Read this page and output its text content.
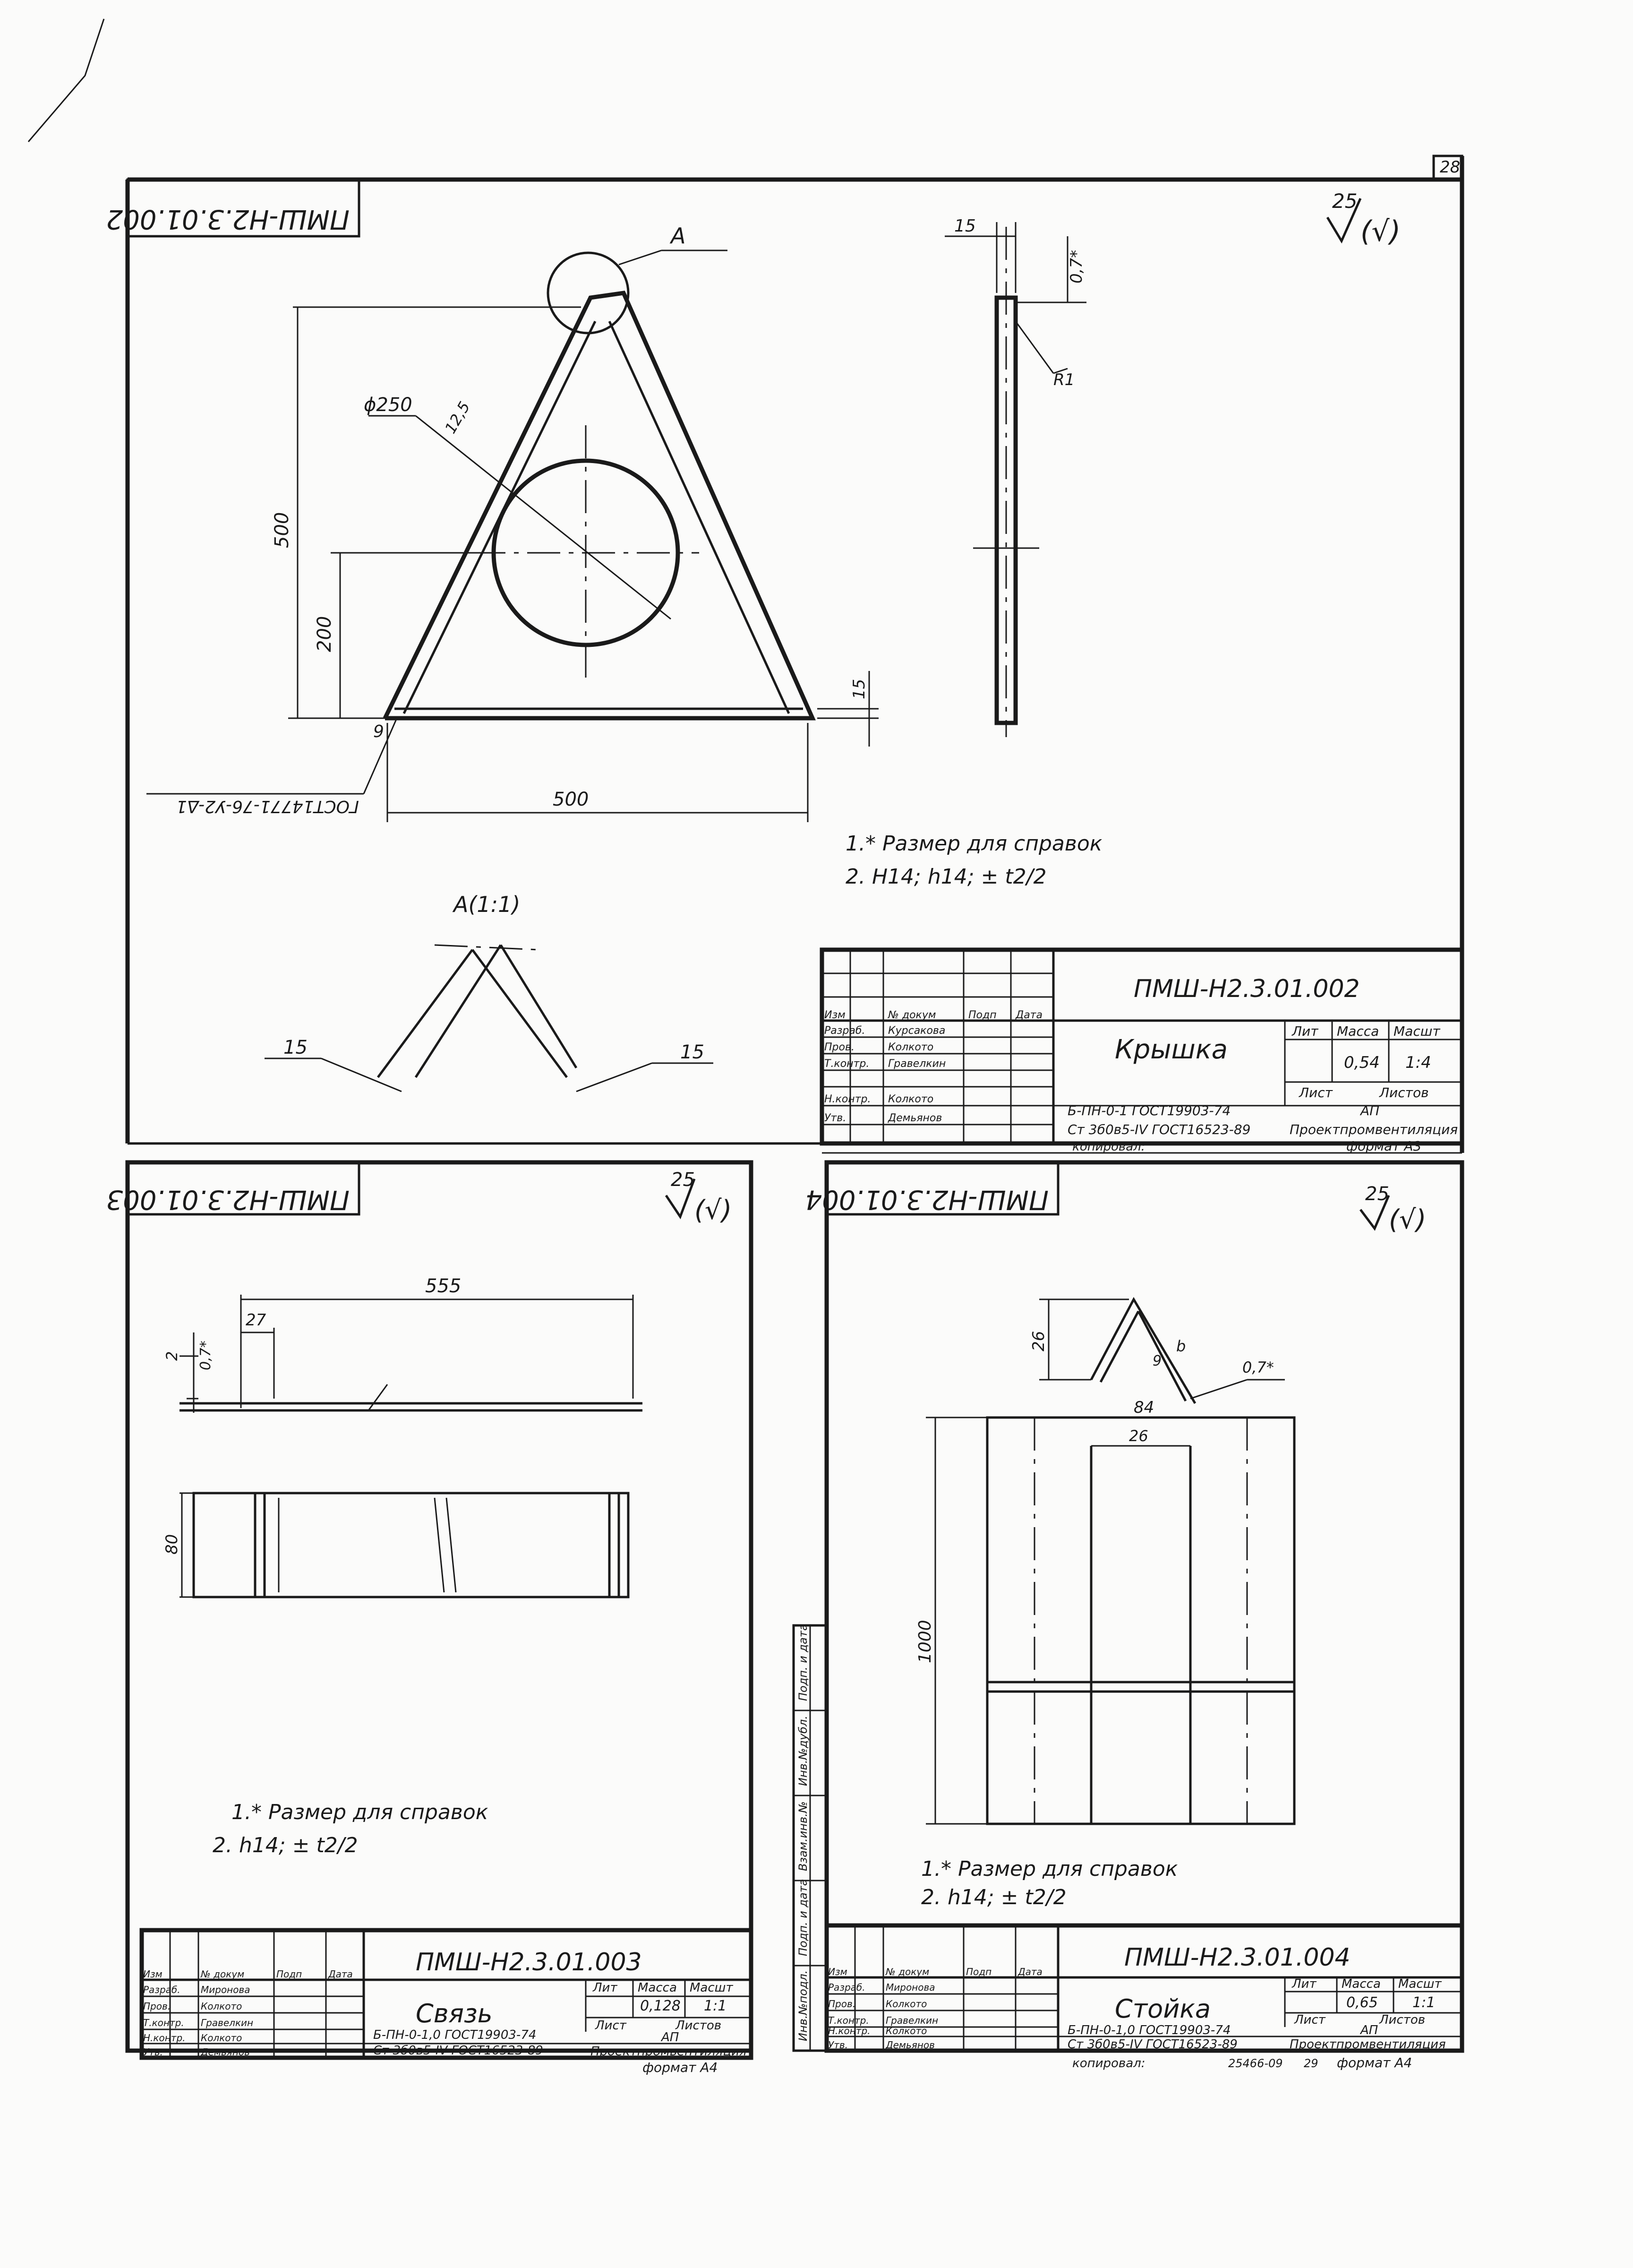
28
ПМШ-Н2.3.01.002
25
(√)
ϕ250 12,5
А
500
200
500
15
9
ГОСТ14771-76-У2-Δ1
15
0,7*
R1
1.* Размер для справок
2. Н14; h14; ± t2/2
А(1:1)
15	15
ПМШ-Н2.3.01.002
Крышка
Лит Масса Масшт
0,54 1:4
Лист	Листов
АП
Б-ПН-0-1 ГОСТ19903-74
Ст 3б0в5-IV ГОСТ16523-89	Проектпромвентиляция
Изм	№ докум	Подп Дата
Разраб. Курсакова
Пров.	Колкото
Т.контр. Гравелкин
Н.контр. Колкото
Утв.	Демьянов
копировал:	формат А3
ПМШ-Н2.3.01.003
25
(√)
555
27
2 0,7*
80
1.* Размер для справок
2. h14; ± t2/2
ПМШ-Н2.3.01.003
Связь
Лит Масса Масшт
0,128 1:1
Лист	Листов
АП
Б-ПН-0-1,0 ГОСТ19903-74
Ст 3б0в5-IV ГОСТ16523-89	Проектпромвентиляция
Изм	№ докум	Подп	Дата
Разраб. Миронова
Пров.	Колкото
Т.контр. Гравелкин
Н.контр. Колкото
Утв.	Демьянов
формат А4
ПМШ-Н2.3.01.004	25
(√)
Инв.№подл.
Подп. и дата
Взам.инв.№
Инв.№дубл.
Подп. и дата
26
9
b
0,7*
84
26
1000
1.* Размер для справок
2. h14; ± t2/2
ПМШ-Н2.3.01.004
Стойка
Лит Масса Масшт
0,65 1:1
Лист	Листов
АП
Б-ПН-0-1,0 ГОСТ19903-74
Ст 3б0в5-IV ГОСТ16523-89	Проектпромвентиляция
Изм	№ докум	Подп	Дата
Разраб. Миронова
Пров.	Колкото
Т.контр. Гравелкин
Н.контр. Колкото
Утв.	Демьянов
копировал:	25466-09 29 формат А4
